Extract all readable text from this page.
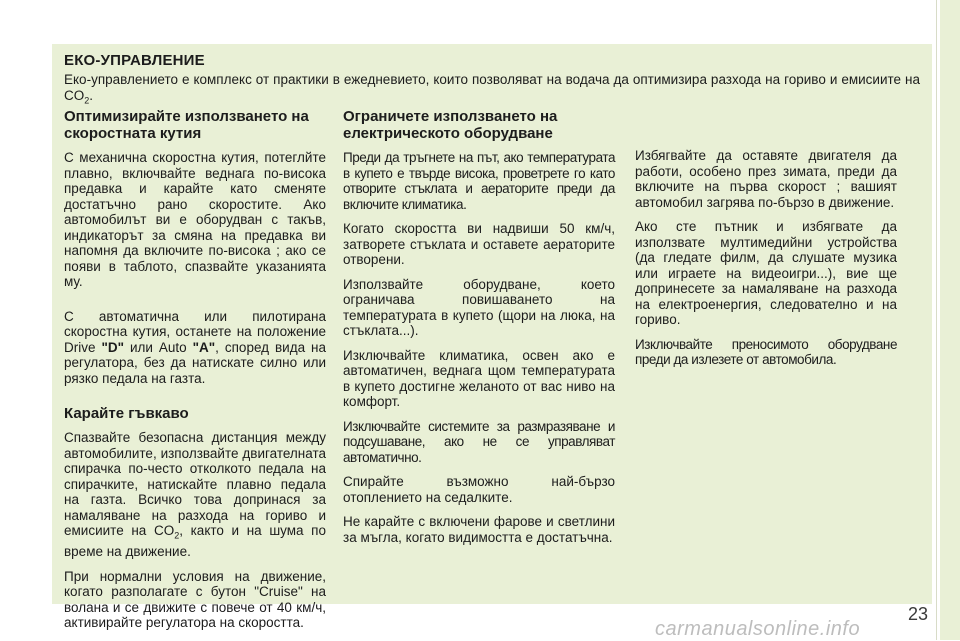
ЕКО-УПРАВЛЕНИЕ
Еко-управлението е комплекс от практики в ежедневието, които позволяват на водача да оптимизира разхода на гориво и емисиите на $CO_2$.
Оптимизирайте използването на скоростната кутия

С механична скоростна кутия, потеглйте плавно, включвайте веднага по-висока предавка и карайте като сменяте достатъчно рано скоростите. Ако автомобилът ви е оборудван с такъв, индикаторът за смяна на предавка ви напомня да включите по-висока ; ако се появи в таблото, спазвайте указанията му.

С автоматична или пилотирана скоростна кутия, останете на положение Drive "D" или Auto "A", според вида на регулатора, без да натискате силно или рязко педала на газта.

Карайте гъвкаво

Спазвайте безопасна дистанция между автомобилите, използвайте двигателната спирачка по-често отколкото педала на спирачките, натискайте плавно педала на газта. Всичко това допринася за намаляване на разхода на гориво и емисиите на $CO_2$, както и на шума по време на движение.

При нормални условия на движение, когато разполагате с бутон "Cruise" на волана и се движите с повече от 40 км/ч, активирайте регулатора на скоростта.

Ограничете използването на електрическото оборудване

Преди да тръгнете на път, ако температурата в купето е твърде висока, проветрете го като отворите стъклата и аераторите преди да включите климатика.

Когато скоростта ви надвиши 50 км/ч, затворете стъклата и оставете аераторите отворени.

Използвайте оборудване, което ограничава повишаването на температурата в купето (щори на люка, на стъклата...).

Изключвайте климатика, освен ако е автоматичен, веднага щом температурата в купето достигне желаното от вас ниво на комфорт.

Изключвайте системите за размразяване и подсушаване, ако не се управляват автоматично.

Спирайте възможно най-бързо отоплението на седалките.

Не карайте с включени фарове и светлини за мъгла, когато видимостта е достатъчна.

Избягвайте да оставяте двигателя да работи, особено през зимата, преди да включите на първа скорост ; вашият автомобил загрява по-бързо в движение.

Ако сте пътник и избягвате да използвате мултимедийни устройства (да гледате филм, да слушате музика или играете на видеоигри...), вие ще допринесете за намаляване на разхода на електроенергия, следователно и на гориво.

Изключвайте преносимото оборудване преди да излезете от автомобила.

carmanualsonline.info
23
